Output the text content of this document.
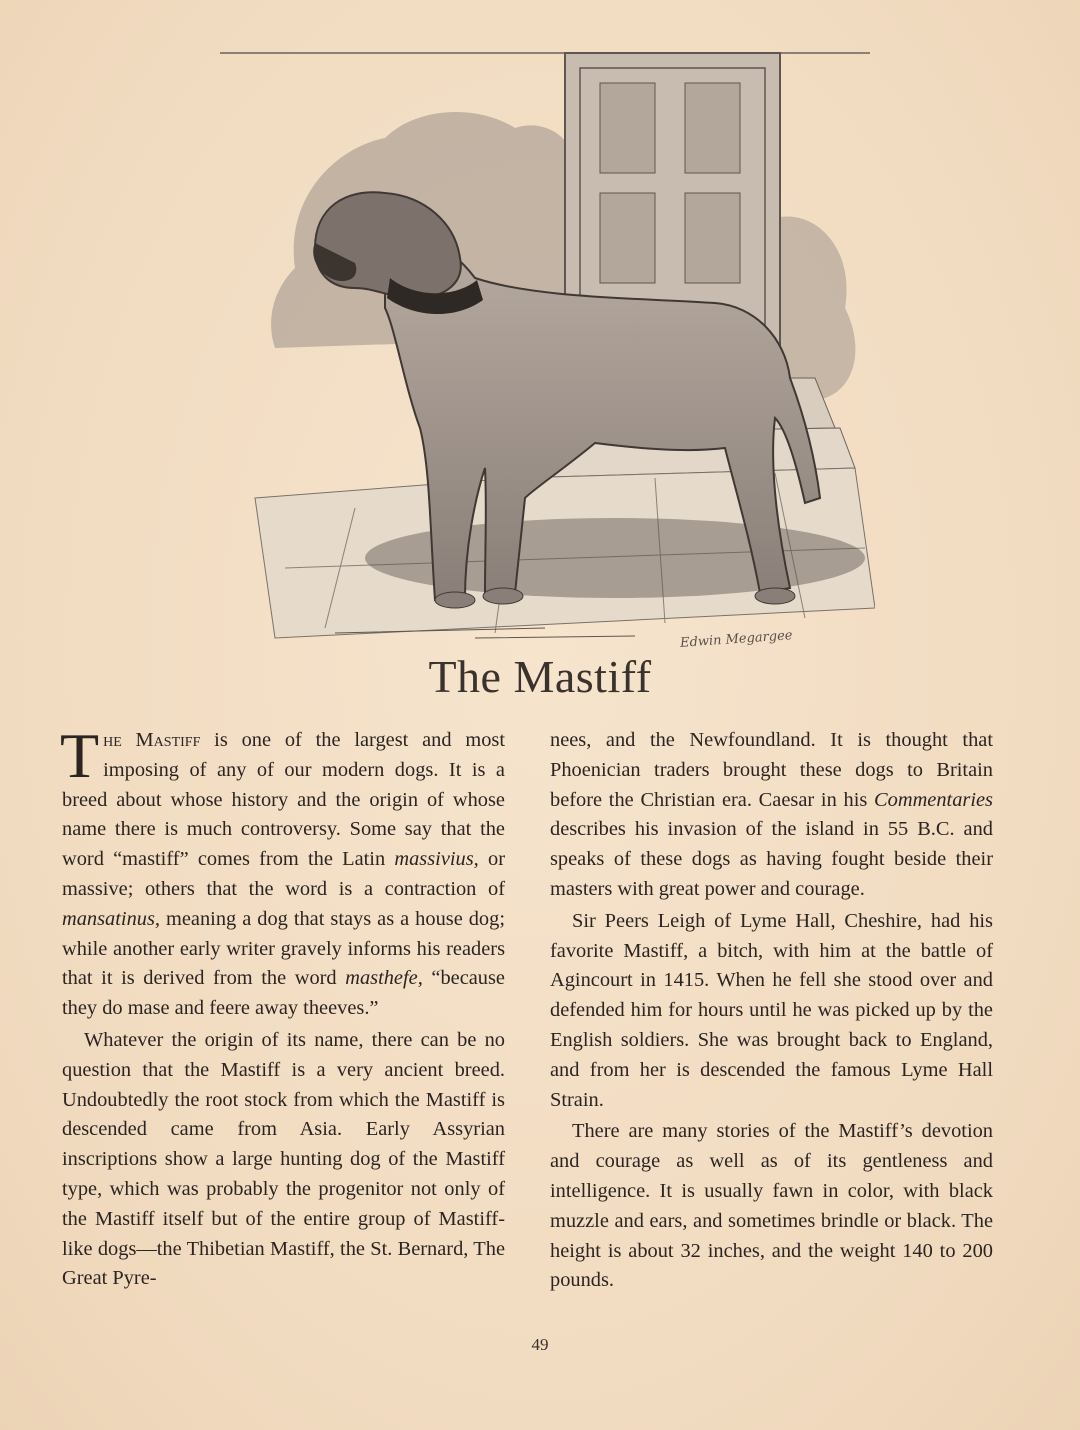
Edwin Megargee
The Mastiff

The Mastiff is one of the largest and most imposing of any of our modern dogs. It is a breed about whose history and the origin of whose name there is much controversy. Some say that the word “mastiff” comes from the Latin massivius, or massive; others that the word is a contraction of mansatinus, meaning a dog that stays as a house dog; while another early writer gravely informs his readers that it is derived from the word masthefe, “because they do mase and feere away theeves.”

Whatever the origin of its name, there can be no question that the Mastiff is a very ancient breed. Undoubtedly the root stock from which the Mastiff is descended came from Asia. Early Assyrian inscriptions show a large hunting dog of the Mastiff type, which was probably the progenitor not only of the Mastiff itself but of the entire group of Mastiff-like dogs—the Thibetian Mastiff, the St. Bernard, The Great Pyre-

nees, and the Newfoundland. It is thought that Phoenician traders brought these dogs to Britain before the Christian era. Caesar in his Commentaries describes his invasion of the island in 55 B.C. and speaks of these dogs as having fought beside their masters with great power and courage.

Sir Peers Leigh of Lyme Hall, Cheshire, had his favorite Mastiff, a bitch, with him at the battle of Agincourt in 1415. When he fell she stood over and defended him for hours until he was picked up by the English soldiers. She was brought back to England, and from her is descended the famous Lyme Hall Strain.

There are many stories of the Mastiff’s devotion and courage as well as of its gentleness and intelligence. It is usually fawn in color, with black muzzle and ears, and sometimes brindle or black. The height is about 32 inches, and the weight 140 to 200 pounds.

49
